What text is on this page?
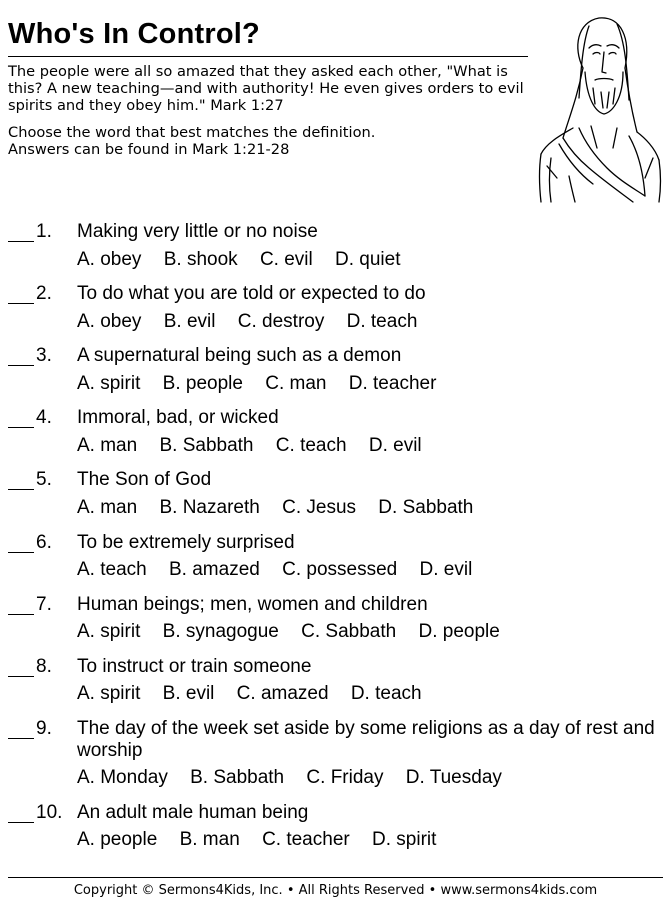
Who's In Control?

The people were all so amazed that they asked each other, "What is this? A new teaching—and with authority! He even gives orders to evil spirits and they obey him." Mark 1:27

Choose the word that best matches the definition.

Answers can be found in Mark 1:21-28

1. Making very little or no noise
A. obey B. shook C. evil D. quiet
2. To do what you are told or expected to do
A. obey B. evil C. destroy D. teach
3. A supernatural being such as a demon
A. spirit B. people C. man D. teacher
4. Immoral, bad, or wicked
A. man B. Sabbath C. teach D. evil
5. The Son of God
A. man B. Nazareth C. Jesus D. Sabbath
6. To be extremely surprised
A. teach B. amazed C. possessed D. evil
7. Human beings; men, women and children
A. spirit B. synagogue C. Sabbath D. people
8. To instruct or train someone
A. spirit B. evil C. amazed D. teach
9. The day of the week set aside by some religions as a day of rest and worship
A. Monday B. Sabbath C. Friday D. Tuesday
10. An adult male human being
A. people B. man C. teacher D. spirit
Copyright © Sermons4Kids, Inc. • All Rights Reserved • www.sermons4kids.com
